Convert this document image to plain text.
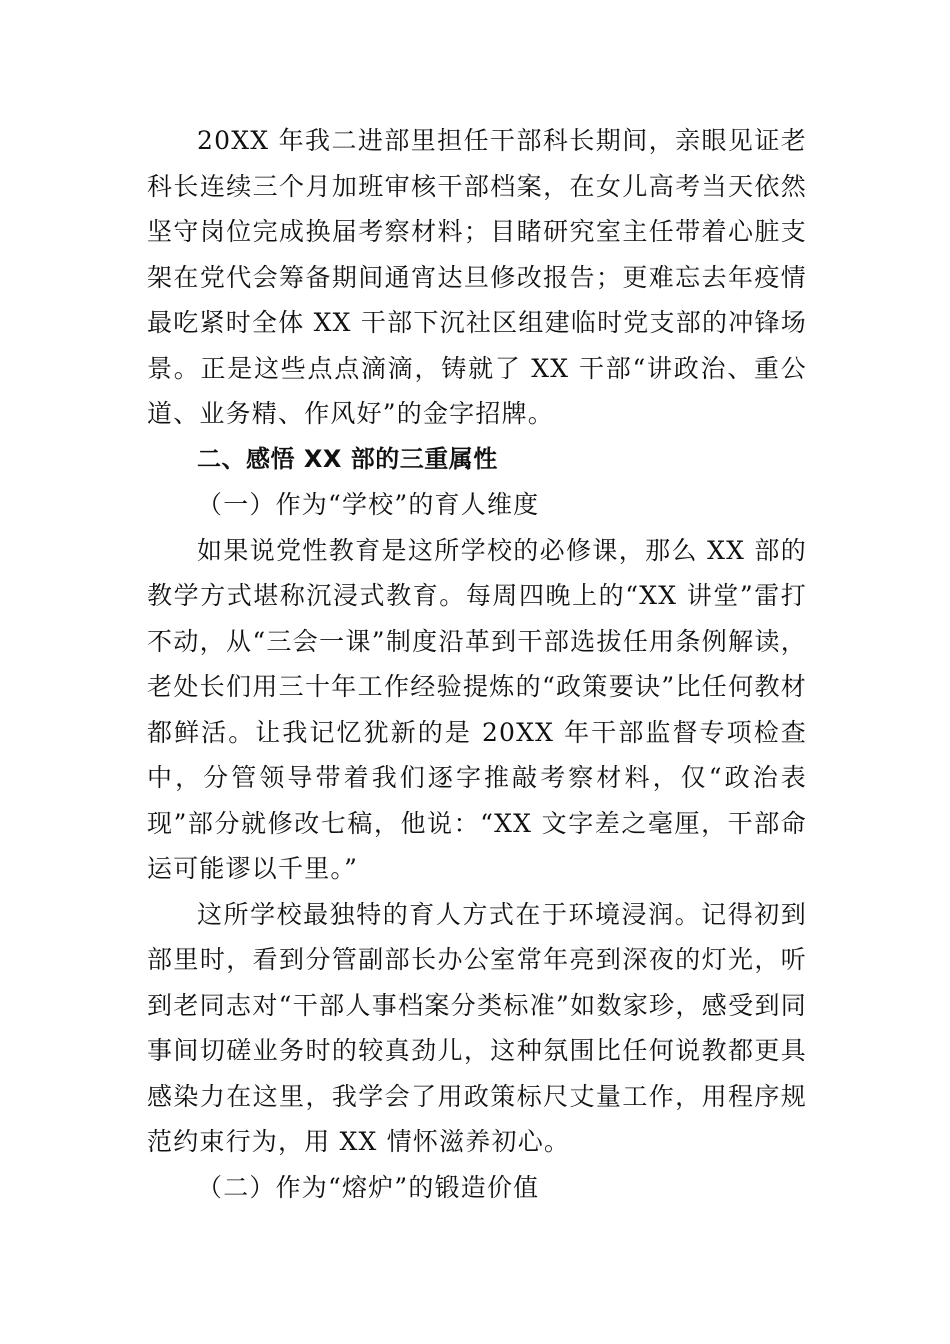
20XX 年我二进部里担任干部科长期间，亲眼见证老科长连续三个月加班审核干部档案，在女儿高考当天依然坚守岗位完成换届考察材料；目睹研究室主任带着心脏支架在党代会筹备期间通宵达旦修改报告；更难忘去年疫情最吃紧时全体 XX 干部下沉社区组建临时党支部的冲锋场景。正是这些点点滴滴，铸就了 XX 干部“讲政治、重公道、业务精、作风好”的金字招牌。

二、感悟 XX 部的三重属性

（一）作为“学校”的育人维度

如果说党性教育是这所学校的必修课，那么 XX 部的教学方式堪称沉浸式教育。每周四晚上的“XX 讲堂”雷打不动，从“三会一课”制度沿革到干部选拔任用条例解读，老处长们用三十年工作经验提炼的“政策要诀”比任何教材都鲜活。让我记忆犹新的是 20XX 年干部监督专项检查中，分管领导带着我们逐字推敲考察材料，仅“政治表现”部分就修改七稿，他说：“XX 文字差之毫厘，干部命运可能谬以千里。”

这所学校最独特的育人方式在于环境浸润。记得初到部里时，看到分管副部长办公室常年亮到深夜的灯光，听到老同志对“干部人事档案分类标准”如数家珍，感受到同事间切磋业务时的较真劲儿，这种氛围比任何说教都更具感染力在这里，我学会了用政策标尺丈量工作，用程序规范约束行为，用 XX 情怀滋养初心。

（二）作为“熔炉”的锻造价值
